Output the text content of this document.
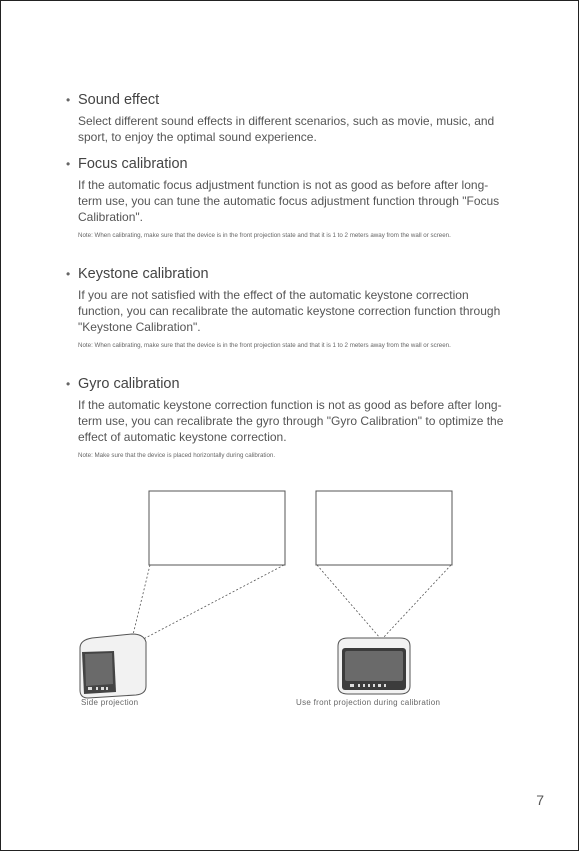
• Sound effect
Select different sound effects in different scenarios, such as movie, music, and sport, to enjoy the optimal sound experience.
• Focus calibration
If the automatic focus adjustment function is not as good as before after long-term use, you can tune the automatic focus adjustment function through "Focus Calibration".
Note: When calibrating, make sure that the device is in the front projection state and that it is 1 to 2 meters away from the wall or screen.
• Keystone calibration
If you are not satisfied with the effect of the automatic keystone correction function, you can recalibrate the automatic keystone correction function through "Keystone Calibration".
Note: When calibrating, make sure that the device is in the front projection state and that it is 1 to 2 meters away from the wall or screen.
• Gyro calibration
If the automatic keystone correction function is not as good as before after long-term use, you can recalibrate the gyro through "Gyro Calibration" to optimize the effect of automatic keystone correction.
Note: Make sure that the device is placed horizontally during calibration.
Side projection	Use front projection during calibration
7
